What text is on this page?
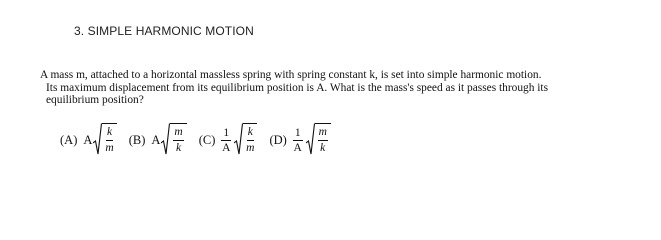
3. SIMPLE HARMONIC MOTION
A mass m, attached to a horizontal massless spring with spring constant k, is set into simple harmonic motion.
Its maximum displacement from its equilibrium position is A. What is the mass's speed as it passes through its
equilibrium position?
(A) A $\frac{k}{m} (B)$ A $\frac{m}{k} (C) \frac{1}{A} \frac{k}{m} (D) \frac{1}{A} \frac{m}{k}$
